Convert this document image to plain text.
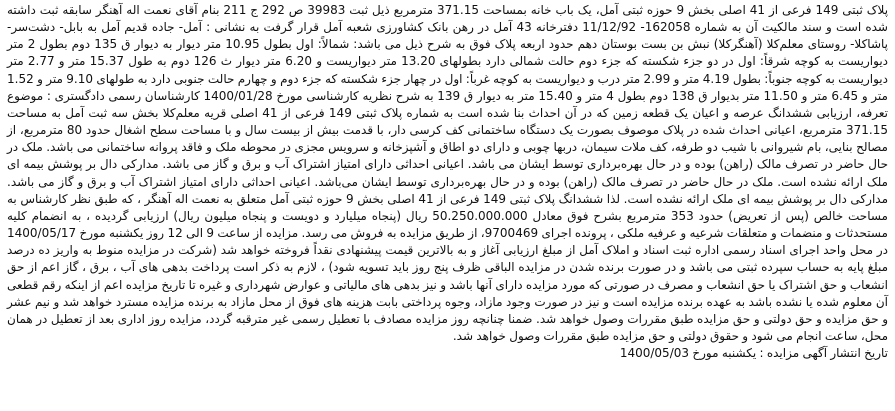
پلاک ثبتی 149 فرعی از 41 اصلی بخش 9 حوزه ثبتی آمل، یک باب خانه بمساحت 371.15 مترمربع ذیل ثبت 39983 ص 292 ج 211 بنام آقای نعمت اله آهنگر سابقه ثبت داشته شده‌ است و سند مالکیت آن به شماره 162058- 11/12/92 دفترخانه 43 آمل در رهن بانک کشاورزی شعبه آمل قرار گرفت به نشانی : آمل- جاده قدیم آمل به بابل- دشت‌سر- پاشاکلا- روستای معلم‌کلا (آهنگرکلا) نبش بن بست بوستان دهم حدود اربعه پلاک فوق به شرح ذیل می باشد: شمالاً: اول بطول 10.95 متر دیوار به دیوار ق 135 دوم بطول 2 متر دیواریست به کوچه شرقاً: اول در دو جزء شکسته که جزء دوم حالت شمالی دارد بطولهای 13.20 متر دیواریست و 6.20 متر دیوار ث 126 دوم به طول 15.37 متر و 2.77 متر دیواریست به کوچه جنوباً: بطول 4.19 متر و 2.99 متر درب و دیواریست به کوچه غرباً: اول در چهار جزء شکسته که جزء دوم و چهارم حالت جنوبی دارد به طولهای 9.10 متر و 1.52 متر و 6.45 متر و 11.50 متر بدیوار ق 138 دوم بطول 4 متر و 15.40 متر به دیوار ق 139 به شرح نظریه کارشناسی مورخ 1400/01/28 کارشناسان رسمی دادگستری : موضوع تعرفه، ارزیابی ششدانگ عرصه و اعیان یک قطعه زمین که در آن احداث بنا شده است به شماره پلاک ثبتی 149 فرعی از 41 اصلی قریه معلم‌کلا بخش سه ثبت آمل به مساحت 371.15 مترمربع، اعیانی احداث شده در پلاک موصوف بصورت یک دستگاه ساختمانی کف کرسی دار، با قدمت بیش از بیست سال و با مساحت سطح اشغال حدود 80 مترمربع، از مصالح بنایی، بام شیروانی با شیب دو طرفه، کف ملات سیمان، دربها چوبی و دارای دو اطاق و آشپزخانه و سرویس مجزی در محوطه ملک و فاقد پروانه ساختمانی می باشد. ملک در حال حاضر در تصرف مالک (راهن) بوده و در حال بهره‌برداری توسط ایشان می باشد. اعیانی احداثی دارای امتیاز اشتراک آب و برق و گاز می باشد. مدارکی دال بر پوشش بیمه ای ملک ارائه نشده است. ملک در حال حاضر در تصرف مالک (راهن) بوده و در حال بهره‌برداری توسط ایشان می‌باشد. اعیانی احداثی دارای امتیاز اشتراک آب و برق و گاز می باشد. مدارکی دال بر پوشش بیمه ای ملک ارائه نشده است. لذا ششدانگ پلاک ثبتی 149 فرعی از 41 اصلی بخش 9 حوزه ثبتی آمل متعلق به نعمت اله آهنگر ، که طبق نظر کارشناس به مساحت خالص (پس از تعریض) حدود 353 مترمربع بشرح فوق معادل 50.250.000.000 ریال (پنجاه میلیارد و دویست و پنجاه میلیون ریال) ارزیابی گردیده ، به انضمام کلیه مستحدثات و منضمات و متعلقات شرعیه و عرفیه ملکی ، پرونده اجرای 9700469، از طریق مزایده به فروش می رسد. مزایده از ساعت 9 الی 12 روز یکشنبه مورخ 1400/05/17 در محل واحد اجرای اسناد رسمی اداره ثبت اسناد و املاک آمل از مبلغ ارزیابی آغاز و به بالاترین قیمت پیشنهادی نقداً فروخته خواهد شد (شرکت در مزایده منوط به واریز ده درصد مبلغ پایه به حساب سپرده ثبتی می باشد و در صورت برنده شدن در مزایده الباقی ظرف پنج روز باید تسویه شود) ، لازم به ذکر است پرداخت بدهی های آب ، برق ، گاز اعم از حق انشعاب و حق اشتراک یا حق انشعاب و مصرف در صورتی که مورد مزایده دارای آنها باشد و نیز بدهی های مالیاتی و عوارض شهرداری و غیره تا تاریخ مزایده اعم از اینکه رقم قطعی آن معلوم شده یا نشده باشد به عهده برنده مزایده است و نیز در صورت وجود مازاد، وجوه پرداختی بابت هزینه های فوق از محل مازاد به برنده مزایده مسترد خواهد شد و نیم عشر و حق مزایده و حق دولتی و حق مزایده طبق مقررات وصول خواهد شد. ضمنا چنانچه روز مزایده مصادف با تعطیل رسمی غیر مترقبه گردد، مزایده روز اداری بعد از تعطیل در همان محل، ساعت انجام می شود و حقوق دولتی و حق مزایده طبق مقررات وصول خواهد شد.
تاریخ انتشار آگهی مزایده : یکشنبه مورخ 1400/05/03
